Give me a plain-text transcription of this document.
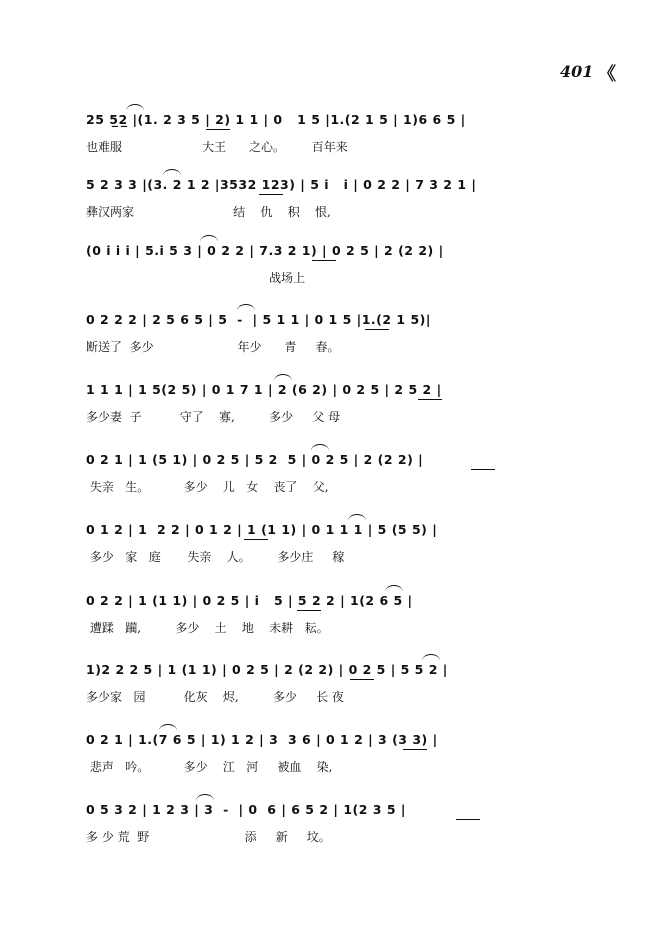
401 《
25 5̲2̲ |(1. 2 3 5 | 2) 1 1 | 0   1 5 |1.(2 1 5 | 1)6 6 5 |
也难服                     大王      之心。       百年来
5 2 3 3 |(3. 2 1 2 |3532 123) | 5 i   i | 0 2 2 | 7 3 2 1 |
彝汉两家                          结    仇    积    恨,
(0 i i i | 5.i 5 3 | 0 2 2 | 7.3 2 1) | 0 2 5 | 2 (2 2) |
战场上
0 2 2 2 | 2 5 6 5 | 5  -  | 5 1 1 | 0 1 5 |1.(2 1 5)|
断送了  多少                      年少      青     春。
1 1 1 | 1 5(2 5) | 0 1 7 1 | 2 (6 2) | 0 2 5 | 2 5 2 |
多少妻  子          守了    寡,         多少     父 母
0 2 1 | 1 (5 1) | 0 2 5 | 5 2  5 | 0 2 5 | 2 (2 2) |
失亲   生。         多少    儿   女    丧了    父,
0 1 2 | 1  2 2 | 0 1 2 | 1 (1 1) | 0 1 1 1 | 5 (5 5) |
多少   家   庭       失亲    人。       多少庄     稼
0 2 2 | 1 (1 1) | 0 2 5 | i   5 | 5 2 2 | 1(2 6 5 |
遭蹂   躏,         多少    土    地    未耕   耘。
1)2 2 2 5 | 1 (1 1) | 0 2 5 | 2 (2 2) | 0 2 5 | 5 5 2 |
多少家   园          化灰    烬,         多少     长 夜
0 2 1 | 1.(7 6 5 | 1) 1 2 | 3  3 6 | 0 1 2 | 3 (3 3) |
悲声   吟。         多少    江   河     被血    染,
0 5 3 2 | 1 2 3 | 3  -  | 0  6 | 6 5 2 | 1(2 3 5 |
多 少 荒  野                         添     新     坟。
